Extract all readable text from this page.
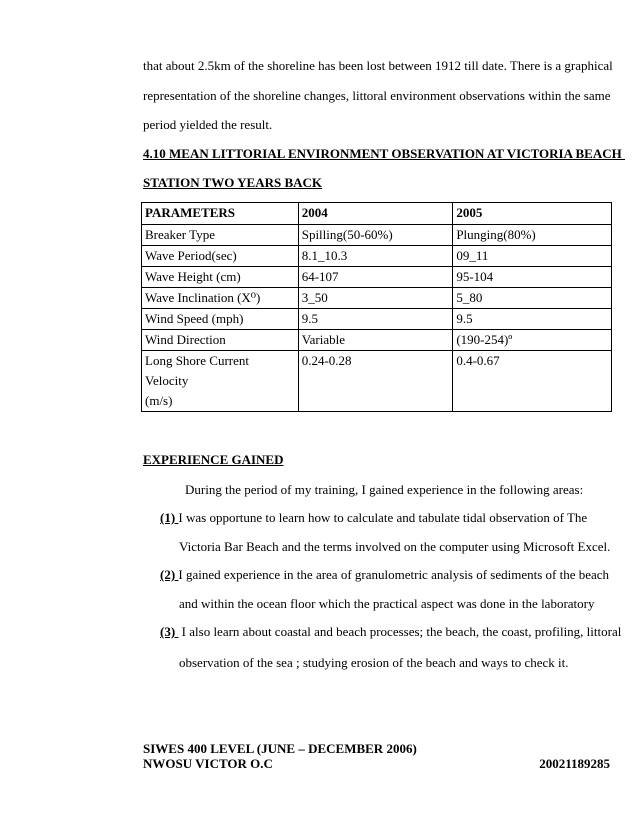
that about 2.5km of the shoreline has been lost between 1912 till date. There is a graphical
representation of the shoreline changes, littoral environment observations within the same
period yielded the result.
4.10 MEAN LITTORIAL ENVIRONMENT OBSERVATION AT VICTORIA BEACH
STATION TWO YEARS BACK
PARAMETERS	2004	2005
Breaker Type	Spilling(50-60%)	Plunging(80%)
Wave Period(sec)	8.1_10.3	09_11
Wave Height (cm)	64-107	95-104
Wave Inclination (X⁰)	3_50	5_80
Wind Speed (mph)	9.5	9.5
Wind Direction	Variable	(190-254)º

Long Shore Current Velocity
(m/s)	0.24-0.28	0.4-0.67
EXPERIENCE GAINED
During the period of my training, I gained experience in the following areas:
(1) I was opportune to learn how to calculate and tabulate tidal observation of The
Victoria Bar Beach and the terms involved on the computer using Microsoft Excel.
(2) I gained experience in the area of granulometric analysis of sediments of the beach
and within the ocean floor which the practical aspect was done in the laboratory
(3)  I also learn about coastal and beach processes; the beach, the coast, profiling, littoral
observation of the sea ; studying erosion of the beach and ways to check it.
SIWES 400 LEVEL (JUNE – DECEMBER 2006)
NWOSU VICTOR O.C	20021189285
